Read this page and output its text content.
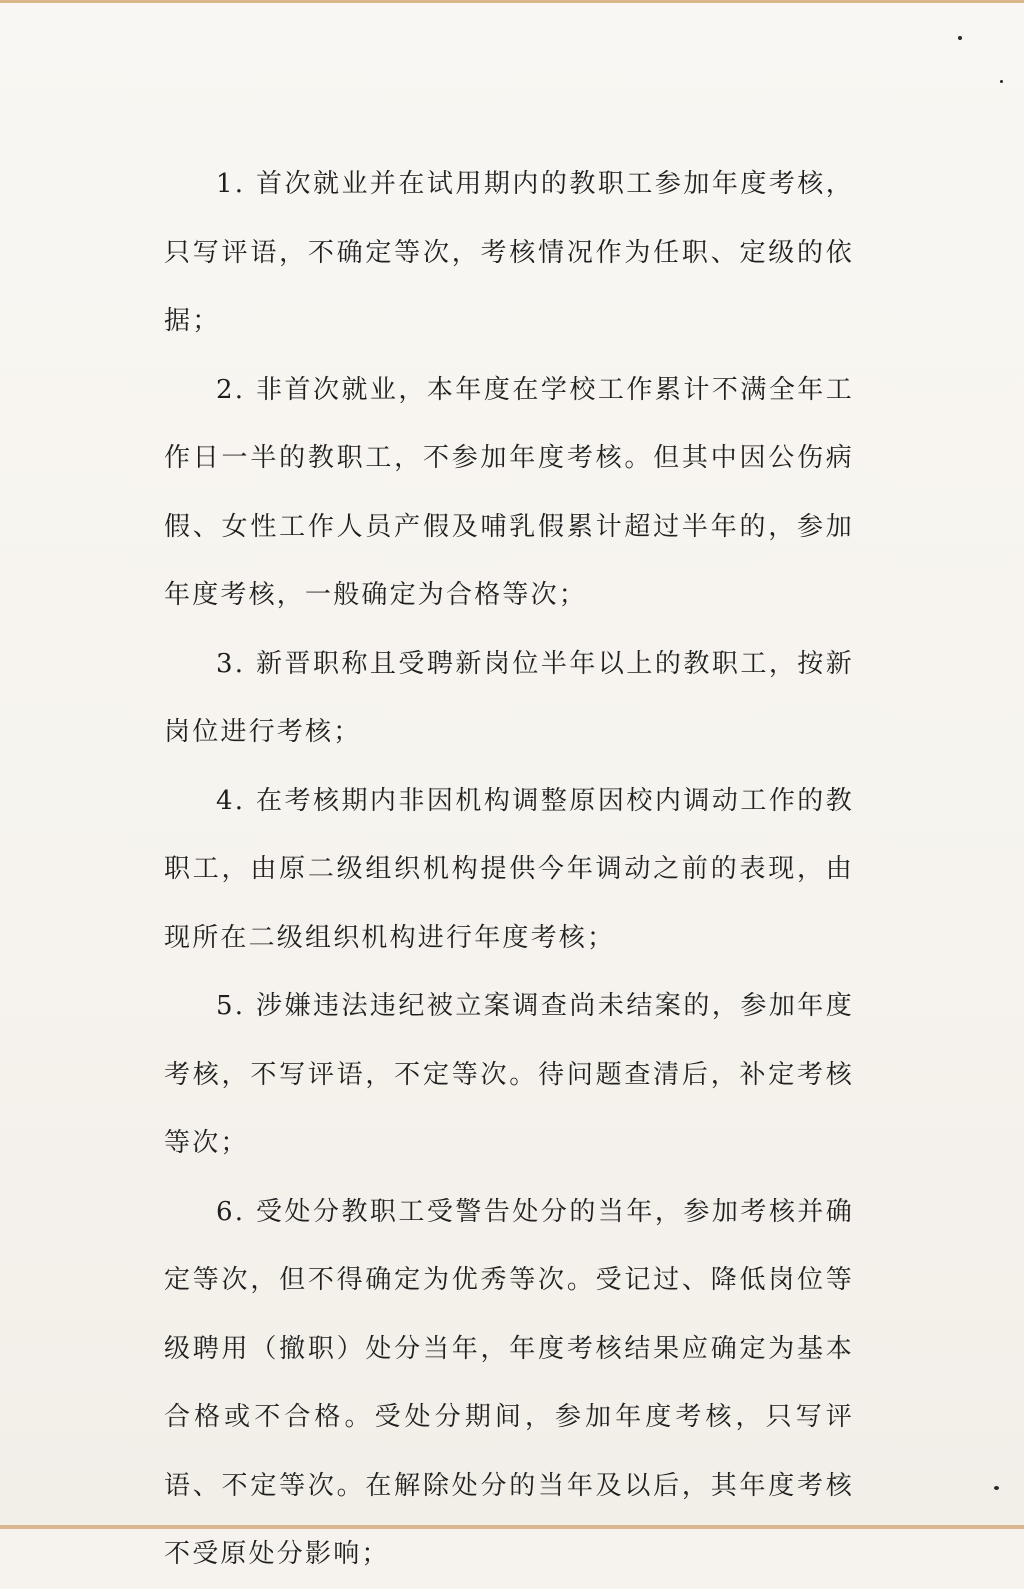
1. 首次就业并在试用期内的教职工参加年度考核，只写评语，不确定等次，考核情况作为任职、定级的依据；

2. 非首次就业，本年度在学校工作累计不满全年工作日一半的教职工，不参加年度考核。但其中因公伤病假、女性工作人员产假及哺乳假累计超过半年的，参加年度考核，一般确定为合格等次；

3. 新晋职称且受聘新岗位半年以上的教职工，按新岗位进行考核；

4. 在考核期内非因机构调整原因校内调动工作的教职工，由原二级组织机构提供今年调动之前的表现，由现所在二级组织机构进行年度考核；

5. 涉嫌违法违纪被立案调查尚未结案的，参加年度考核，不写评语，不定等次。待问题查清后，补定考核等次；

6. 受处分教职工受警告处分的当年，参加考核并确定等次，但不得确定为优秀等次。受记过、降低岗位等级聘用（撤职）处分当年，年度考核结果应确定为基本合格或不合格。受处分期间，参加年度考核，只写评语、不定等次。在解除处分的当年及以后，其年度考核不受原处分影响；
